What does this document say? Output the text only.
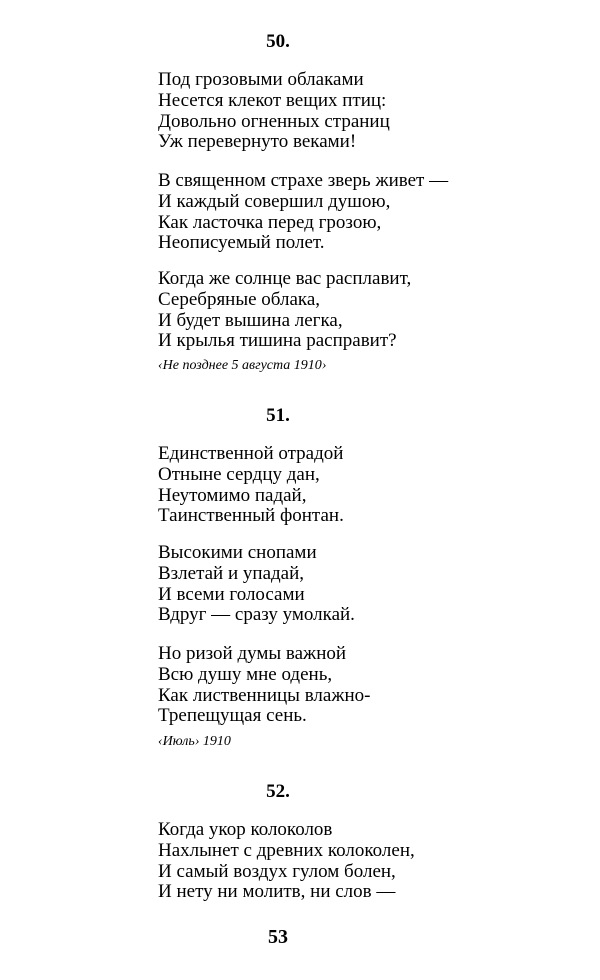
50.
Под грозовыми облаками
Несется клекот вещих птиц:
Довольно огненных страниц
Уж перевернуто веками!
В священном страхе зверь живет —
И каждый совершил душою,
Как ласточка перед грозою,
Неописуемый полет.
Когда же солнце вас расплавит,
Серебряные облака,
И будет вышина легка,
И крылья тишина расправит?
‹Не позднее 5 августа 1910›
51.
Единственной отрадой
Отныне сердцу дан,
Неутомимо падай,
Таинственный фонтан.
Высокими снопами
Взлетай и упадай,
И всеми голосами
Вдруг — сразу умолкай.
Но ризой думы важной
Всю душу мне одень,
Как лиственницы влажно-
Трепещущая сень.
‹Июль› 1910
52.
Когда укор колоколов
Нахлынет с древних колоколен,
И самый воздух гулом болен,
И нету ни молитв, ни слов —
53
